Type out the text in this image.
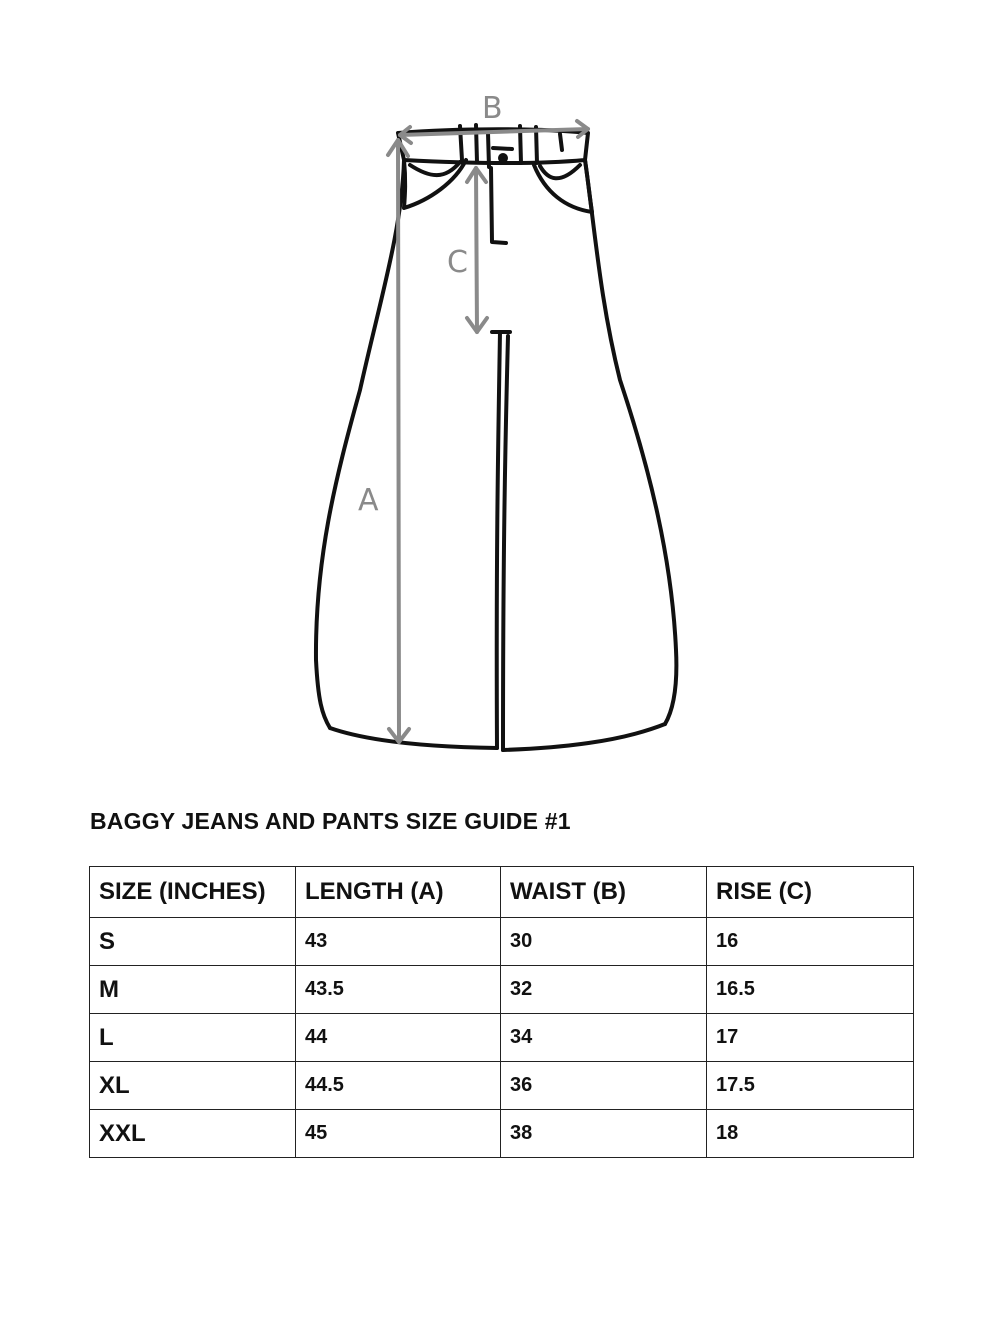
B
C
A
BAGGY JEANS AND PANTS SIZE GUIDE #1
SIZE (INCHES)	LENGTH (A)	WAIST (B)	RISE (C)
S	43	30	16
M	43.5	32	16.5
L	44	34	17
XL	44.5	36	17.5
XXL	45	38	18
